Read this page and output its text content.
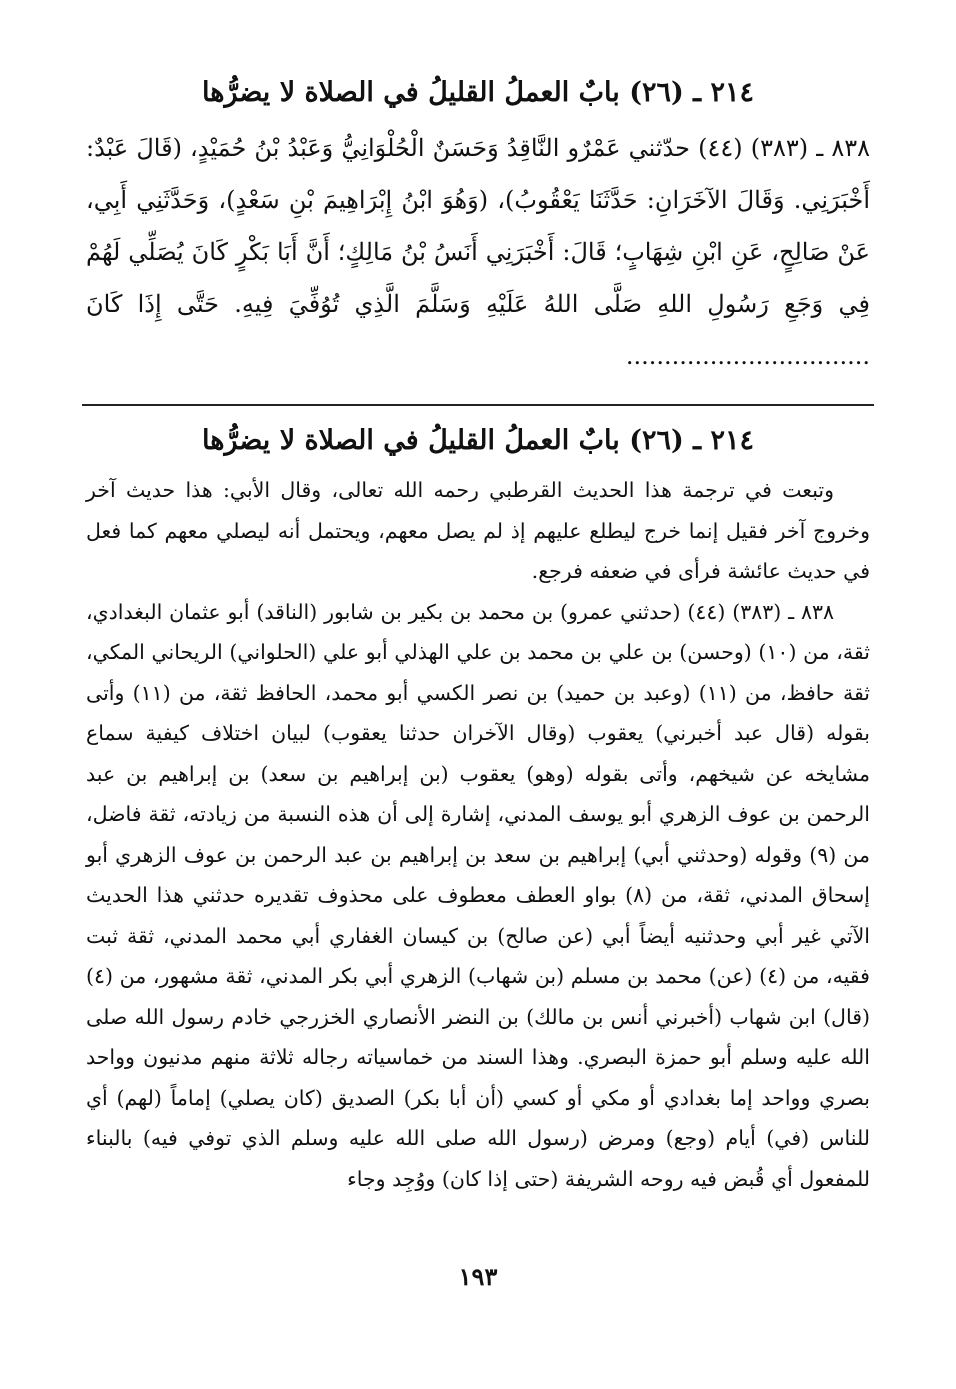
٢١٤ ـ (٢٦) بابٌ العملُ القليلُ في الصلاة لا يضرُّها

٨٣٨ ـ (٣٨٣) (٤٤) حدّثني عَمْرٌو النَّاقِدُ وَحَسَنٌ الْحُلْوَانِيُّ وَعَبْدُ بْنُ حُمَيْدٍ، (قَالَ عَبْدٌ: أَخْبَرَنِي. وَقَالَ الآخَرَانِ: حَدَّثَنَا يَعْقُوبُ)، (وَهُوَ ابْنُ إِبْرَاهِيمَ بْنِ سَعْدٍ)، وَحَدَّثَنِي أَبِي، عَنْ صَالِحٍ، عَنِ ابْنِ شِهَابٍ؛ قَالَ: أَخْبَرَنِي أَنَسُ بْنُ مَالِكٍ؛ أَنَّ أَبَا بَكْرٍ كَانَ يُصَلِّي لَهُمْ فِي وَجَعِ رَسُولِ اللهِ صَلَّى اللهُ عَلَيْهِ وَسَلَّمَ الَّذِي تُوُفِّيَ فِيهِ. حَتَّى إِذَا كَانَ ................................

٢١٤ ـ (٢٦) بابٌ العملُ القليلُ في الصلاة لا يضرُّها

وتبعت في ترجمة هذا الحديث القرطبي رحمه الله تعالى، وقال الأبي: هذا حديث آخر وخروج آخر فقيل إنما خرج ليطلع عليهم إذ لم يصل معهم، ويحتمل أنه ليصلي معهم كما فعل في حديث عائشة فرأى في ضعفه فرجع.

٨٣٨ ـ (٣٨٣) (٤٤) (حدثني عمرو) بن محمد بن بكير بن شابور (الناقد) أبو عثمان البغدادي، ثقة، من (١٠) (وحسن) بن علي بن محمد بن علي الهذلي أبو علي (الحلواني) الريحاني المكي، ثقة حافظ، من (١١) (وعبد بن حميد) بن نصر الكسي أبو محمد، الحافظ ثقة، من (١١) وأتى بقوله (قال عبد أخبرني) يعقوب (وقال الآخران حدثنا يعقوب) لبيان اختلاف كيفية سماع مشايخه عن شيخهم، وأتى بقوله (وهو) يعقوب (بن إبراهيم بن سعد) بن إبراهيم بن عبد الرحمن بن عوف الزهري أبو يوسف المدني، إشارة إلى أن هذه النسبة من زيادته، ثقة فاضل، من (٩) وقوله (وحدثني أبي) إبراهيم بن سعد بن إبراهيم بن عبد الرحمن بن عوف الزهري أبو إسحاق المدني، ثقة، من (٨) بواو العطف معطوف على محذوف تقديره حدثني هذا الحديث الآتي غير أبي وحدثنيه أيضاً أبي (عن صالح) بن كيسان الغفاري أبي محمد المدني، ثقة ثبت فقيه، من (٤) (عن) محمد بن مسلم (بن شهاب) الزهري أبي بكر المدني، ثقة مشهور، من (٤) (قال) ابن شهاب (أخبرني أنس بن مالك) بن النضر الأنصاري الخزرجي خادم رسول الله صلى الله عليه وسلم أبو حمزة البصري. وهذا السند من خماسياته رجاله ثلاثة منهم مدنيون وواحد بصري وواحد إما بغدادي أو مكي أو كسي (أن أبا بكر) الصديق (كان يصلي) إماماً (لهم) أي للناس (في) أيام (وجع) ومرض (رسول الله صلى الله عليه وسلم الذي توفي فيه) بالبناء للمفعول أي قُبض فيه روحه الشريفة (حتى إذا كان) ووُجِد وجاء

١٩٣
